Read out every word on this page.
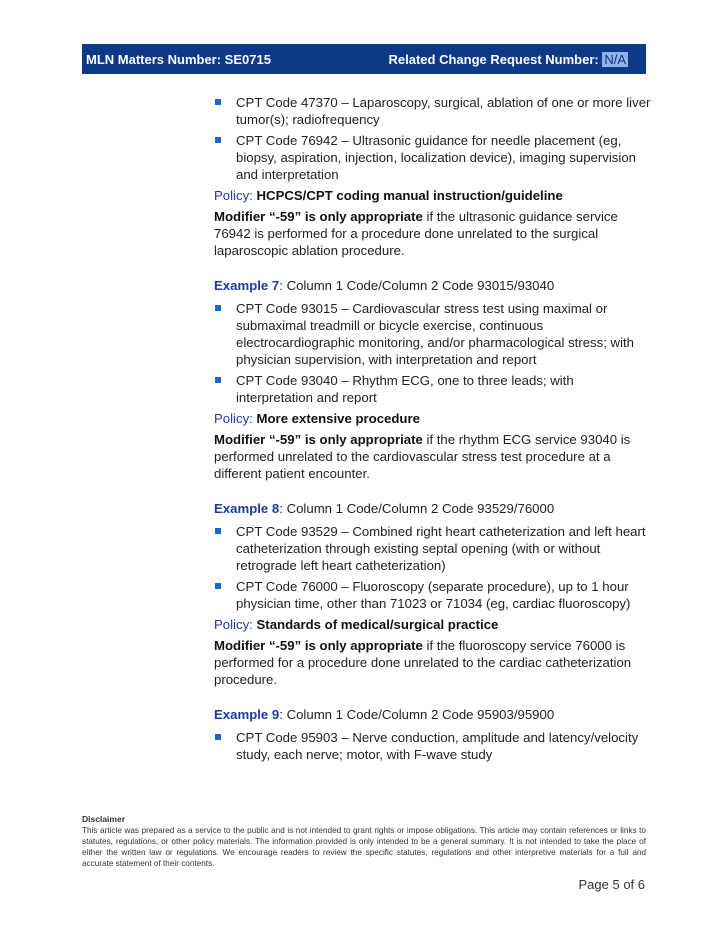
MLN Matters Number: SE0715	Related Change Request Number: N/A
CPT Code 47370 – Laparoscopy, surgical, ablation of one or more liver tumor(s); radiofrequency
CPT Code 76942 – Ultrasonic guidance for needle placement (eg, biopsy, aspiration, injection, localization device), imaging supervision and interpretation
Policy: HCPCS/CPT coding manual instruction/guideline
Modifier “-59” is only appropriate if the ultrasonic guidance service 76942 is performed for a procedure done unrelated to the surgical laparoscopic ablation procedure.
Example 7: Column 1 Code/Column 2 Code 93015/93040
CPT Code 93015 – Cardiovascular stress test using maximal or submaximal treadmill or bicycle exercise, continuous electrocardiographic monitoring, and/or pharmacological stress; with physician supervision, with interpretation and report
CPT Code 93040 – Rhythm ECG, one to three leads; with interpretation and report
Policy: More extensive procedure
Modifier “-59” is only appropriate if the rhythm ECG service 93040 is performed unrelated to the cardiovascular stress test procedure at a different patient encounter.
Example 8: Column 1 Code/Column 2 Code 93529/76000
CPT Code 93529 – Combined right heart catheterization and left heart catheterization through existing septal opening (with or without retrograde left heart catheterization)
CPT Code 76000 – Fluoroscopy (separate procedure), up to 1 hour physician time, other than 71023 or 71034 (eg, cardiac fluoroscopy)
Policy: Standards of medical/surgical practice
Modifier “-59” is only appropriate if the fluoroscopy service 76000 is performed for a procedure done unrelated to the cardiac catheterization procedure.
Example 9: Column 1 Code/Column 2 Code 95903/95900
CPT Code 95903 – Nerve conduction, amplitude and latency/velocity study, each nerve; motor, with F-wave study
Disclaimer
This article was prepared as a service to the public and is not intended to grant rights or impose obligations. This article may contain references or links to statutes, regulations, or other policy materials. The information provided is only intended to be a general summary. It is not intended to take the place of either the written law or regulations. We encourage readers to review the specific statutes, regulations and other interpretive materials for a full and accurate statement of their contents.
Page 5 of 6
